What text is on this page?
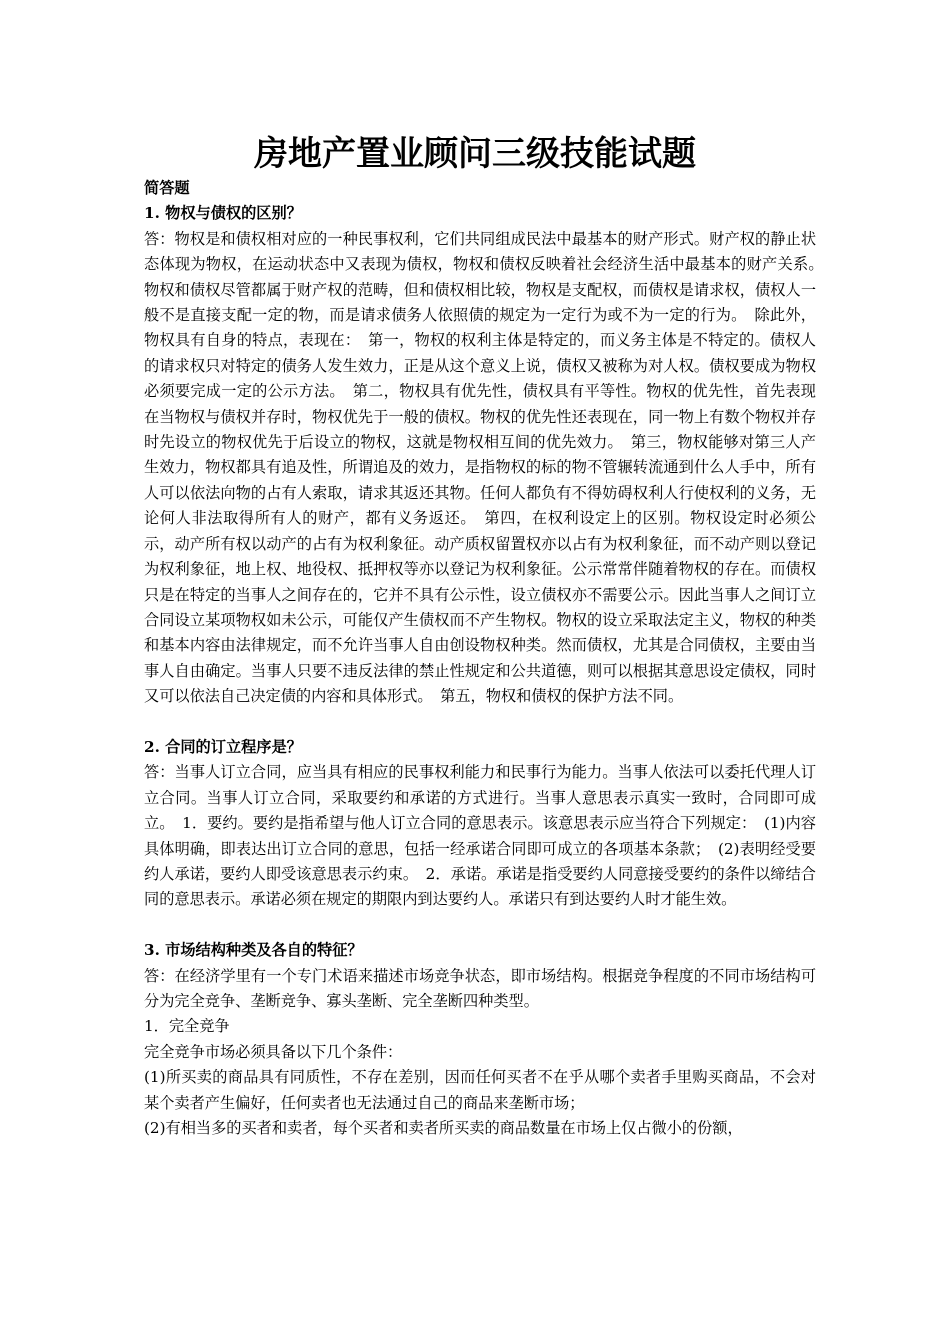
房地产置业顾问三级技能试题

简答题

1. 物权与债权的区别？

答：物权是和债权相对应的一种民事权利，它们共同组成民法中最基本的财产形式。财产权的静止状态体现为物权，在运动状态中又表现为债权，物权和债权反映着社会经济生活中最基本的财产关系。　物权和债权尽管都属于财产权的范畴，但和债权相比较，物权是支配权，而债权是请求权，债权人一般不是直接支配一定的物，而是请求债务人依照债的规定为一定行为或不为一定的行为。　除此外，物权具有自身的特点，表现在：　第一，物权的权利主体是特定的，而义务主体是不特定的。债权人的请求权只对特定的债务人发生效力，正是从这个意义上说，债权又被称为对人权。债权要成为物权必须要完成一定的公示方法。　第二，物权具有优先性，债权具有平等性。物权的优先性，首先表现在当物权与债权并存时，物权优先于一般的债权。物权的优先性还表现在，同一物上有数个物权并存时先设立的物权优先于后设立的物权，这就是物权相互间的优先效力。　第三，物权能够对第三人产生效力，物权都具有追及性，所谓追及的效力，是指物权的标的物不管辗转流通到什么人手中，所有人可以依法向物的占有人索取，请求其返还其物。任何人都负有不得妨碍权利人行使权利的义务，无论何人非法取得所有人的财产，都有义务返还。　第四，在权利设定上的区别。物权设定时必须公示，动产所有权以动产的占有为权利象征。动产质权留置权亦以占有为权利象征，而不动产则以登记为权利象征，地上权、地役权、抵押权等亦以登记为权利象征。公示常常伴随着物权的存在。而债权只是在特定的当事人之间存在的，它并不具有公示性，设立债权亦不需要公示。因此当事人之间订立合同设立某项物权如未公示，可能仅产生债权而不产生物权。物权的设立采取法定主义，物权的种类和基本内容由法律规定，而不允许当事人自由创设物权种类。然而债权，尤其是合同债权，主要由当事人自由确定。当事人只要不违反法律的禁止性规定和公共道德，则可以根据其意思设定债权，同时又可以依法自己决定债的内容和具体形式。　第五，物权和债权的保护方法不同。

2. 合同的订立程序是？

答：当事人订立合同，应当具有相应的民事权利能力和民事行为能力。当事人依法可以委托代理人订立合同。当事人订立合同，采取要约和承诺的方式进行。当事人意思表示真实一致时，合同即可成立。　1．要约。要约是指希望与他人订立合同的意思表示。该意思表示应当符合下列规定：　(1)内容具体明确，即表达出订立合同的意思，包括一经承诺合同即可成立的各项基本条款；　(2)表明经受要约人承诺，要约人即受该意思表示约束。　2．承诺。承诺是指受要约人同意接受要约的条件以缔结合同的意思表示。承诺必须在规定的期限内到达要约人。承诺只有到达要约人时才能生效。

3. 市场结构种类及各自的特征？

答：在经济学里有一个专门术语来描述市场竞争状态，即市场结构。根据竞争程度的不同市场结构可分为完全竞争、垄断竞争、寡头垄断、完全垄断四种类型。

1．完全竞争

完全竞争市场必须具备以下几个条件：

(1)所买卖的商品具有同质性，不存在差别，因而任何买者不在乎从哪个卖者手里购买商品，不会对某个卖者产生偏好，任何卖者也无法通过自己的商品来垄断市场；

(2)有相当多的买者和卖者，每个买者和卖者所买卖的商品数量在市场上仅占微小的份额，
